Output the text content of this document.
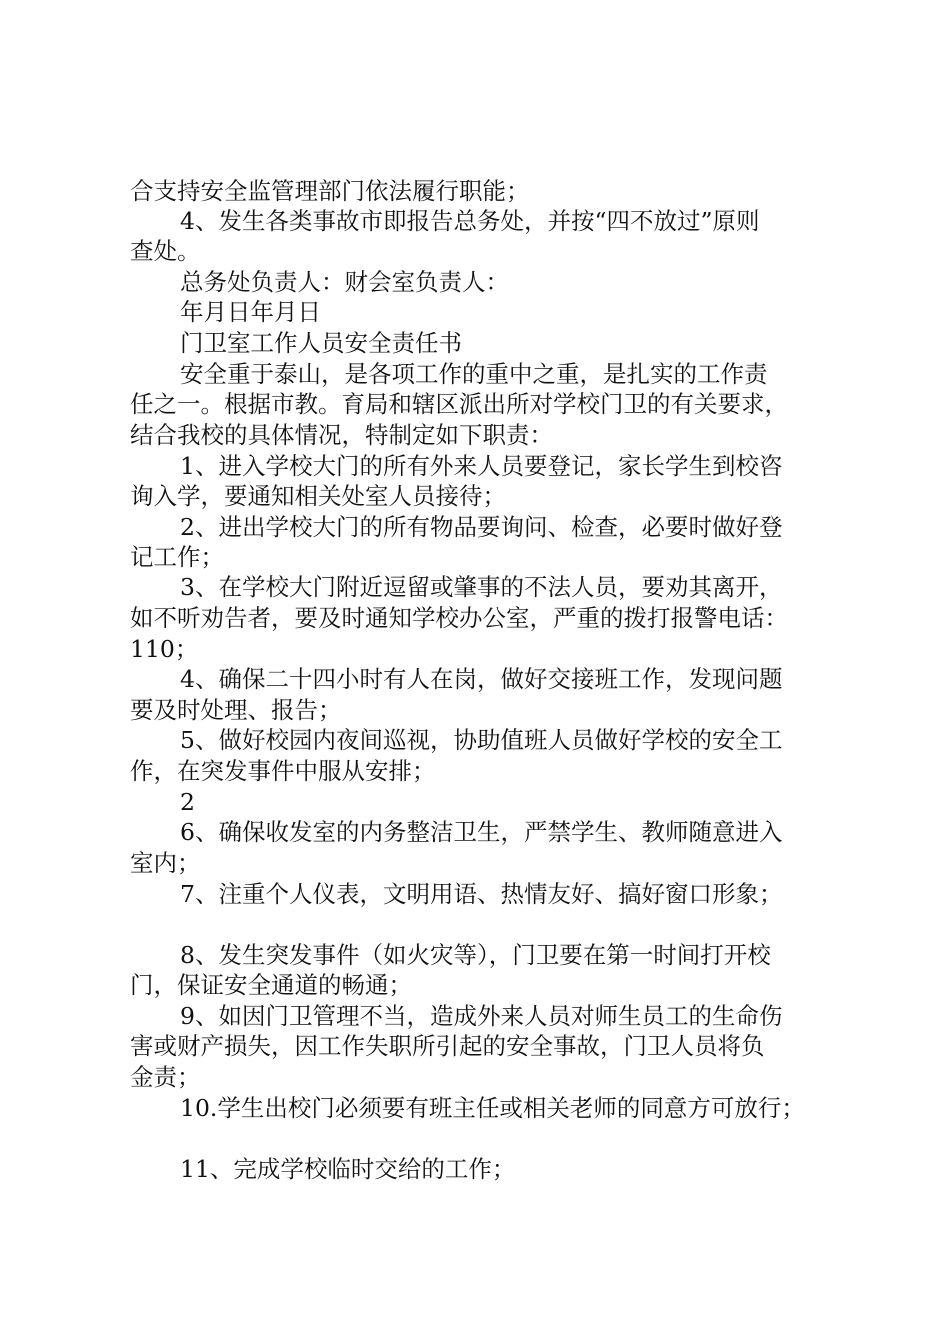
合支持安全监管理部门依法履行职能；
4、发生各类事故市即报告总务处，并按“四不放过”原则
查处。
总务处负责人：财会室负责人：
年月日年月日
门卫室工作人员安全责任书
安全重于泰山，是各项工作的重中之重，是扎实的工作责
任之一。根据市教。育局和辖区派出所对学校门卫的有关要求，
结合我校的具体情况，特制定如下职责：
1、进入学校大门的所有外来人员要登记，家长学生到校咨
询入学，要通知相关处室人员接待；
2、进出学校大门的所有物品要询问、检查，必要时做好登
记工作；
3、在学校大门附近逗留或肇事的不法人员，要劝其离开，
如不听劝告者，要及时通知学校办公室，严重的拨打报警电话：
110；
4、确保二十四小时有人在岗，做好交接班工作，发现问题
要及时处理、报告；
5、做好校园内夜间巡视，协助值班人员做好学校的安全工
作，在突发事件中服从安排；
2
6、确保收发室的内务整洁卫生，严禁学生、教师随意进入
室内；
7、注重个人仪表，文明用语、热情友好、搞好窗口形象；
8、发生突发事件（如火灾等），门卫要在第一时间打开校
门，保证安全通道的畅通；
9、如因门卫管理不当，造成外来人员对师生员工的生命伤
害或财产损失，因工作失职所引起的安全事故，门卫人员将负
金责；
10.学生出校门必须要有班主任或相关老师的同意方可放行；
11、完成学校临时交给的工作；
